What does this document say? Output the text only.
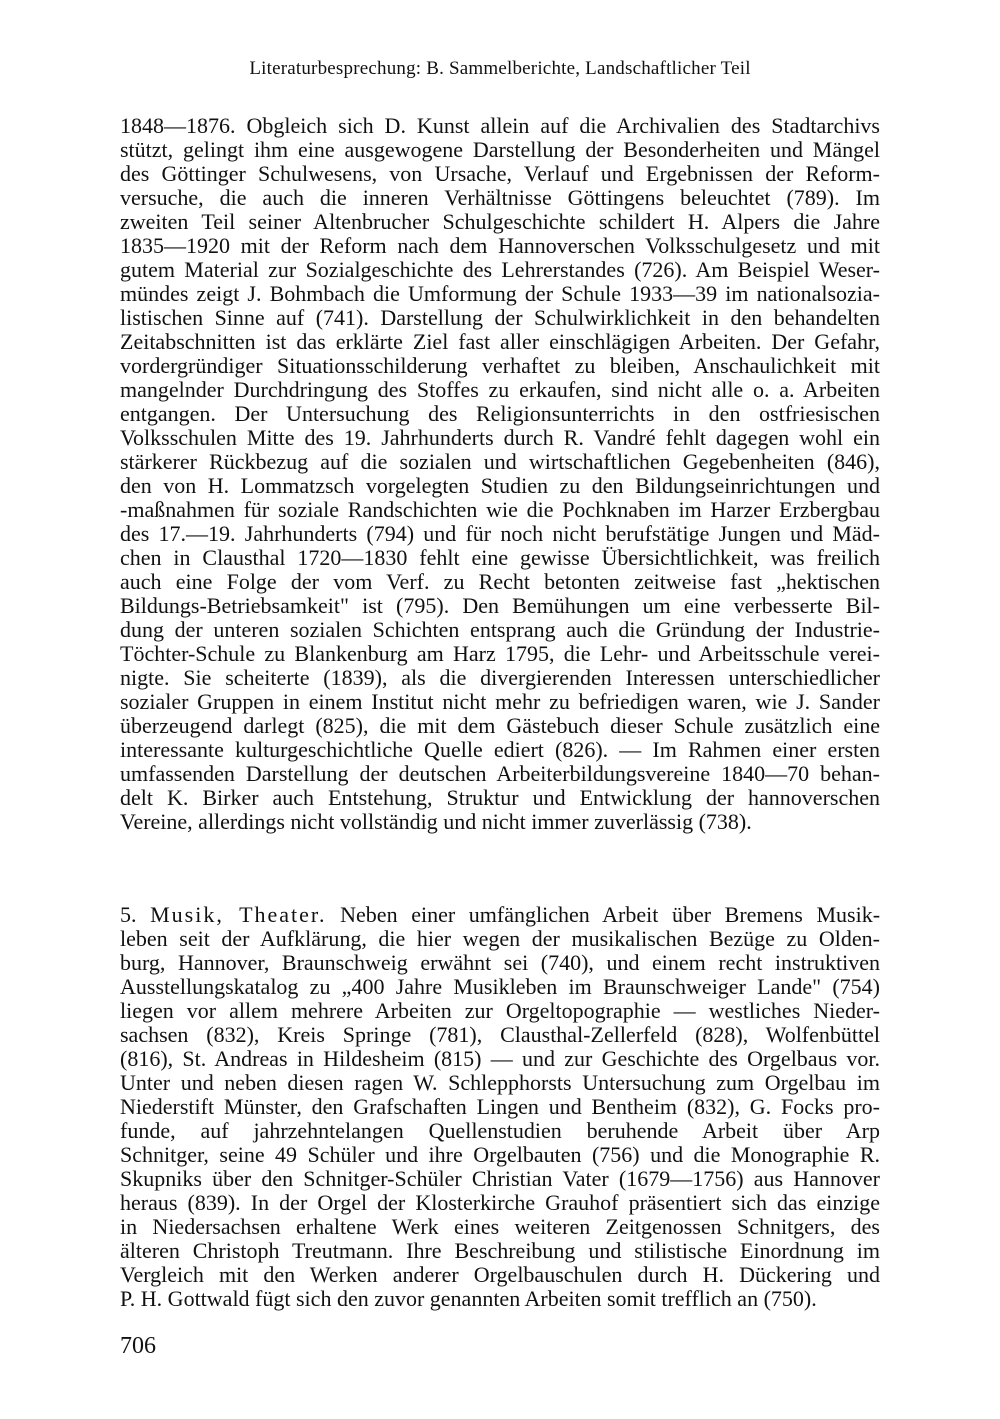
Literaturbesprechung: B. Sammelberichte, Landschaftlicher Teil
1848—1876. Obgleich sich D. Kunst allein auf die Archivalien des Stadtarchivs
stützt, gelingt ihm eine ausgewogene Darstellung der Besonderheiten und Mängel
des Göttinger Schulwesens, von Ursache, Verlauf und Ergebnissen der Reform-
versuche, die auch die inneren Verhältnisse Göttingens beleuchtet (789). Im
zweiten Teil seiner Altenbrucher Schulgeschichte schildert H. Alpers die Jahre
1835—1920 mit der Reform nach dem Hannoverschen Volksschulgesetz und mit
gutem Material zur Sozialgeschichte des Lehrerstandes (726). Am Beispiel Weser-
mündes zeigt J. Bohmbach die Umformung der Schule 1933—39 im nationalsozia-
listischen Sinne auf (741). Darstellung der Schulwirklichkeit in den behandelten
Zeitabschnitten ist das erklärte Ziel fast aller einschlägigen Arbeiten. Der Gefahr,
vordergründiger Situationsschilderung verhaftet zu bleiben, Anschaulichkeit mit
mangelnder Durchdringung des Stoffes zu erkaufen, sind nicht alle o. a. Arbeiten
entgangen. Der Untersuchung des Religionsunterrichts in den ostfriesischen
Volksschulen Mitte des 19. Jahrhunderts durch R. Vandré fehlt dagegen wohl ein
stärkerer Rückbezug auf die sozialen und wirtschaftlichen Gegebenheiten (846),
den von H. Lommatzsch vorgelegten Studien zu den Bildungseinrichtungen und
-maßnahmen für soziale Randschichten wie die Pochknaben im Harzer Erzbergbau
des 17.—19. Jahrhunderts (794) und für noch nicht berufstätige Jungen und Mäd-
chen in Clausthal 1720—1830 fehlt eine gewisse Übersichtlichkeit, was freilich
auch eine Folge der vom Verf. zu Recht betonten zeitweise fast „hektischen
Bildungs-Betriebsamkeit" ist (795). Den Bemühungen um eine verbesserte Bil-
dung der unteren sozialen Schichten entsprang auch die Gründung der Industrie-
Töchter-Schule zu Blankenburg am Harz 1795, die Lehr- und Arbeitsschule verei-
nigte. Sie scheiterte (1839), als die divergierenden Interessen unterschiedlicher
sozialer Gruppen in einem Institut nicht mehr zu befriedigen waren, wie J. Sander
überzeugend darlegt (825), die mit dem Gästebuch dieser Schule zusätzlich eine
interessante kulturgeschichtliche Quelle ediert (826). — Im Rahmen einer ersten
umfassenden Darstellung der deutschen Arbeiterbildungsvereine 1840—70 behan-
delt K. Birker auch Entstehung, Struktur und Entwicklung der hannoverschen
Vereine, allerdings nicht vollständig und nicht immer zuverlässig (738).
5. Musik, Theater. Neben einer umfänglichen Arbeit über Bremens Musik-
leben seit der Aufklärung, die hier wegen der musikalischen Bezüge zu Olden-
burg, Hannover, Braunschweig erwähnt sei (740), und einem recht instruktiven
Ausstellungskatalog zu „400 Jahre Musikleben im Braunschweiger Lande" (754)
liegen vor allem mehrere Arbeiten zur Orgeltopographie — westliches Nieder-
sachsen (832), Kreis Springe (781), Clausthal-Zellerfeld (828), Wolfenbüttel
(816), St. Andreas in Hildesheim (815) — und zur Geschichte des Orgelbaus vor.
Unter und neben diesen ragen W. Schlepphorsts Untersuchung zum Orgelbau im
Niederstift Münster, den Grafschaften Lingen und Bentheim (832), G. Focks pro-
funde, auf jahrzehntelangen Quellenstudien beruhende Arbeit über Arp
Schnitger, seine 49 Schüler und ihre Orgelbauten (756) und die Monographie R.
Skupniks über den Schnitger-Schüler Christian Vater (1679—1756) aus Hannover
heraus (839). In der Orgel der Klosterkirche Grauhof präsentiert sich das einzige
in Niedersachsen erhaltene Werk eines weiteren Zeitgenossen Schnitgers, des
älteren Christoph Treutmann. Ihre Beschreibung und stilistische Einordnung im
Vergleich mit den Werken anderer Orgelbauschulen durch H. Dückering und
P. H. Gottwald fügt sich den zuvor genannten Arbeiten somit trefflich an (750).
706
